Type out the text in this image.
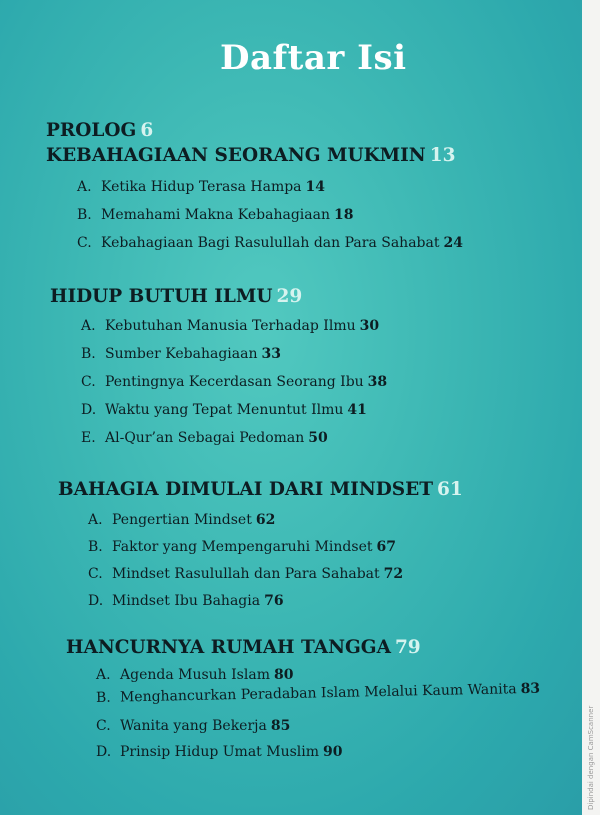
Daftar Isi
PROLOG 6
KEBAHAGIAAN SEORANG MUKMIN 13
A. Ketika Hidup Terasa Hampa 14
B. Memahami Makna Kebahagiaan 18
C. Kebahagiaan Bagi Rasulullah dan Para Sahabat 24
HIDUP BUTUH ILMU 29
A. Kebutuhan Manusia Terhadap Ilmu 30
B. Sumber Kebahagiaan 33
C. Pentingnya Kecerdasan Seorang Ibu 38
D. Waktu yang Tepat Menuntut Ilmu 41
E. Al-Qur’an Sebagai Pedoman 50
BAHAGIA DIMULAI DARI MINDSET 61
A. Pengertian Mindset 62
B. Faktor yang Mempengaruhi Mindset 67
C. Mindset Rasulullah dan Para Sahabat 72
D. Mindset Ibu Bahagia 76
HANCURNYA RUMAH TANGGA 79
A. Agenda Musuh Islam 80
B. Menghancurkan Peradaban Islam Melalui Kaum Wanita 83
C. Wanita yang Bekerja 85
D. Prinsip Hidup Umat Muslim 90	Dipindai dengan CamScanner
